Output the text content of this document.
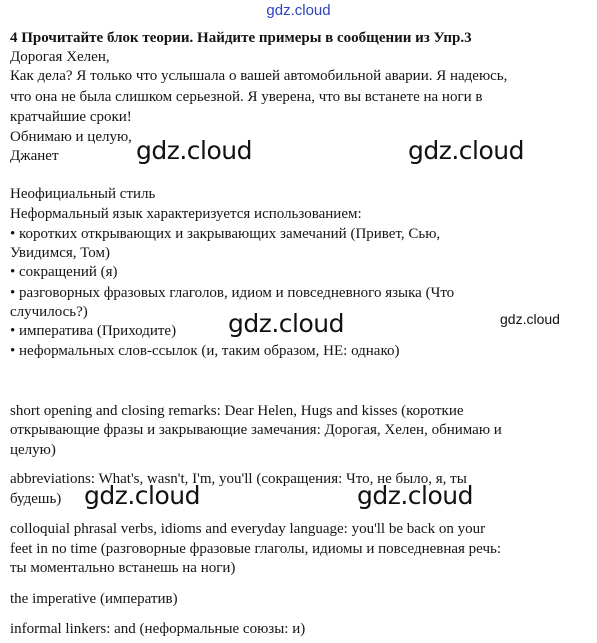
gdz.cloud
4 Прочитайте блок теории. Найдите примеры в сообщении из Упр.3
Дорогая Хелен,
Как дела? Я только что услышала о вашей автомобильной аварии. Я надеюсь,
что она не была слишком серьезной. Я уверена, что вы встанете на ноги в
кратчайшие сроки!
Обнимаю и целую,
Джанет
Неофициальный стиль
Неформальный язык характеризуется использованием:
• коротких открывающих и закрывающих замечаний (Привет, Сью,
Увидимся, Том)
• сокращений (я)
• разговорных фразовых глаголов, идиом и повседневного языка (Что
случилось?)
• императива (Приходите)
• неформальных слов-ссылок (и, таким образом, НЕ: однако)
short opening and closing remarks: Dear Helen, Hugs and kisses (короткие
открывающие фразы и закрывающие замечания: Дорогая, Хелен, обнимаю и
целую)
abbreviations: What's, wasn't, I'm, you'll (сокращения: Что, не было, я, ты
будешь)
colloquial phrasal verbs, idioms and everyday language: you'll be back on your
feet in no time (разговорные фразовые глаголы, идиомы и повседневная речь:
ты моментально встанешь на ноги)
the imperative (императив)
informal linkers: and (неформальные союзы: и)
gdz.cloud	gdz.cloud
gdz.cloud	gdz.cloud
gdz.cloud	gdz.cloud
